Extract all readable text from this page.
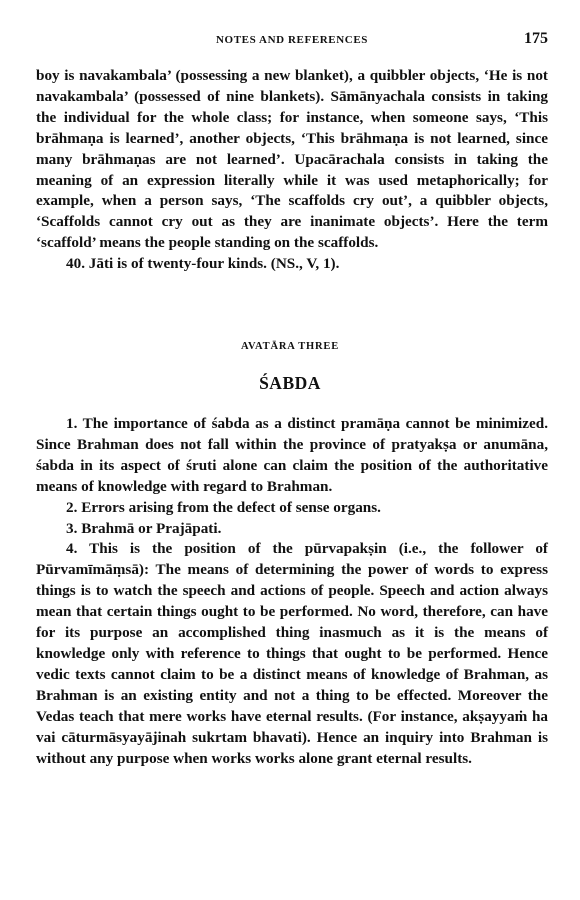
NOTES AND REFERENCES	175

boy is navakambala’ (possessing a new blanket), a quibbler objects, ‘He is not navakambala’ (possessed of nine blankets). Sāmānyachala consists in taking the individual for the whole class; for instance, when someone says, ‘This brāhmaṇa is learned’, another objects, ‘This brāhmaṇa is not learned, since many brāhmaṇas are not learned’. Upacārachala consists in taking the meaning of an expression literally while it was used metaphorically; for example, when a person says, ‘The scaffolds cry out’, a quibbler objects, ‘Scaffolds cannot cry out as they are inanimate objects’. Here the term ‘scaffold’ means the people standing on the scaffolds.

40. Jāti is of twenty-four kinds. (NS., V, 1).

AVATĀRA THREE
ŚABDA

1. The importance of śabda as a distinct pramāṇa cannot be minimized. Since Brahman does not fall within the province of pratyakṣa or anumāna, śabda in its aspect of śruti alone can claim the position of the authoritative means of knowledge with regard to Brahman.

2. Errors arising from the defect of sense organs.

3. Brahmā or Prajāpati.

4. This is the position of the pūrvapakṣin (i.e., the follower of Pūrvamīmāṃsā): The means of determining the power of words to express things is to watch the speech and actions of people. Speech and action always mean that certain things ought to be performed. No word, therefore, can have for its purpose an accomplished thing inasmuch as it is the means of knowledge only with reference to things that ought to be performed. Hence vedic texts cannot claim to be a distinct means of knowledge of Brahman, as Brahman is an existing entity and not a thing to be effected. Moreover the Vedas teach that mere works have eternal results. (For instance, akṣayyaṁ ha vai cāturmāsyayājinah sukrtam bhavati). Hence an inquiry into Brahman is without any purpose when works works alone grant eternal results.
